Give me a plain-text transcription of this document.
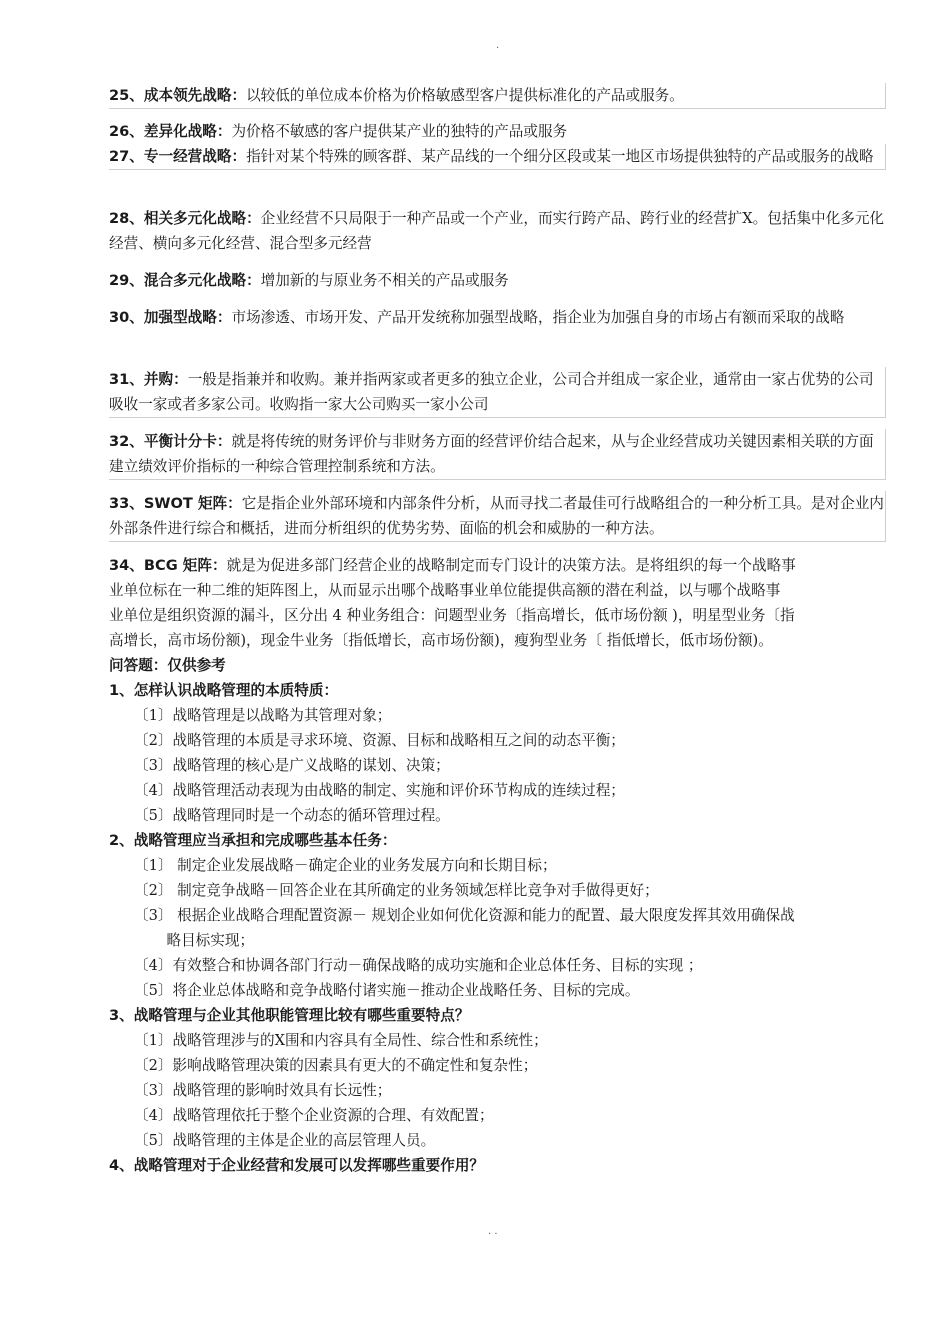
.
25、成本领先战略：以较低的单位成本价格为价格敏感型客户提供标准化的产品或服务。
26、差异化战略：为价格不敏感的客户提供某产业的独特的产品或服务
27、专一经营战略：指针对某个特殊的顾客群、某产品线的一个细分区段或某一地区市场提供独特的产品或服务的战略
28、相关多元化战略：企业经营不只局限于一种产品或一个产业，而实行跨产品、跨行业的经营扩X。包括集中化多元化经营、横向多元化经营、混合型多元经营
29、混合多元化战略：增加新的与原业务不相关的产品或服务
30、加强型战略：市场渗透、市场开发、产品开发统称加强型战略，指企业为加强自身的市场占有额而采取的战略
31、并购：一般是指兼并和收购。兼并指两家或者更多的独立企业，公司合并组成一家企业，通常由一家占优势的公司吸收一家或者多家公司。收购指一家大公司购买一家小公司
32、平衡计分卡：就是将传统的财务评价与非财务方面的经营评价结合起来，从与企业经营成功关键因素相关联的方面建立绩效评价指标的一种综合管理控制系统和方法。
33、SWOT 矩阵：它是指企业外部环境和内部条件分析，从而寻找二者最佳可行战略组合的一种分析工具。是对企业内外部条件进行综合和概括，进而分析组织的优势劣势、面临的机会和威胁的一种方法。
34、BCG 矩阵：就是为促进多部门经营企业的战略制定而专门设计的决策方法。是将组织的每一个战略事
业单位标在一种二维的矩阵图上，从而显示出哪个战略事业单位能提供高额的潜在利益，以与哪个战略事
业单位是组织资源的漏斗，区分出 4 种业务组合：问题型业务〔指高增长，低市场份额 )，明星型业务〔指
高增长，高市场份额)，现金牛业务〔指低增长，高市场份额)，瘦狗型业务〔 指低增长，低市场份额)。
问答题：仅供参考
1、怎样认识战略管理的本质特质：
〔1〕战略管理是以战略为其管理对象；
〔2〕战略管理的本质是寻求环境、资源、目标和战略相互之间的动态平衡；
〔3〕战略管理的核心是广义战略的谋划、决策；
〔4〕战略管理活动表现为由战略的制定、实施和评价环节构成的连续过程；
〔5〕战略管理同时是一个动态的循环管理过程。
2、战略管理应当承担和完成哪些基本任务：
〔1〕 制定企业发展战略－确定企业的业务发展方向和长期目标；
〔2〕 制定竞争战略－回答企业在其所确定的业务领域怎样比竞争对手做得更好；
〔3〕 根据企业战略合理配置资源－ 规划企业如何优化资源和能力的配置、最大限度发挥其效用确保战
略目标实现；
〔4〕有效整合和协调各部门行动－确保战略的成功实施和企业总体任务、目标的实现 ；
〔5〕将企业总体战略和竞争战略付诸实施－推动企业战略任务、目标的完成。
3、战略管理与企业其他职能管理比较有哪些重要特点？
〔1〕战略管理涉与的X围和内容具有全局性、综合性和系统性；
〔2〕影响战略管理决策的因素具有更大的不确定性和复杂性；
〔3〕战略管理的影响时效具有长远性；
〔4〕战略管理依托于整个企业资源的合理、有效配置；
〔5〕战略管理的主体是企业的高层管理人员。
4、战略管理对于企业经营和发展可以发挥哪些重要作用？
. .
